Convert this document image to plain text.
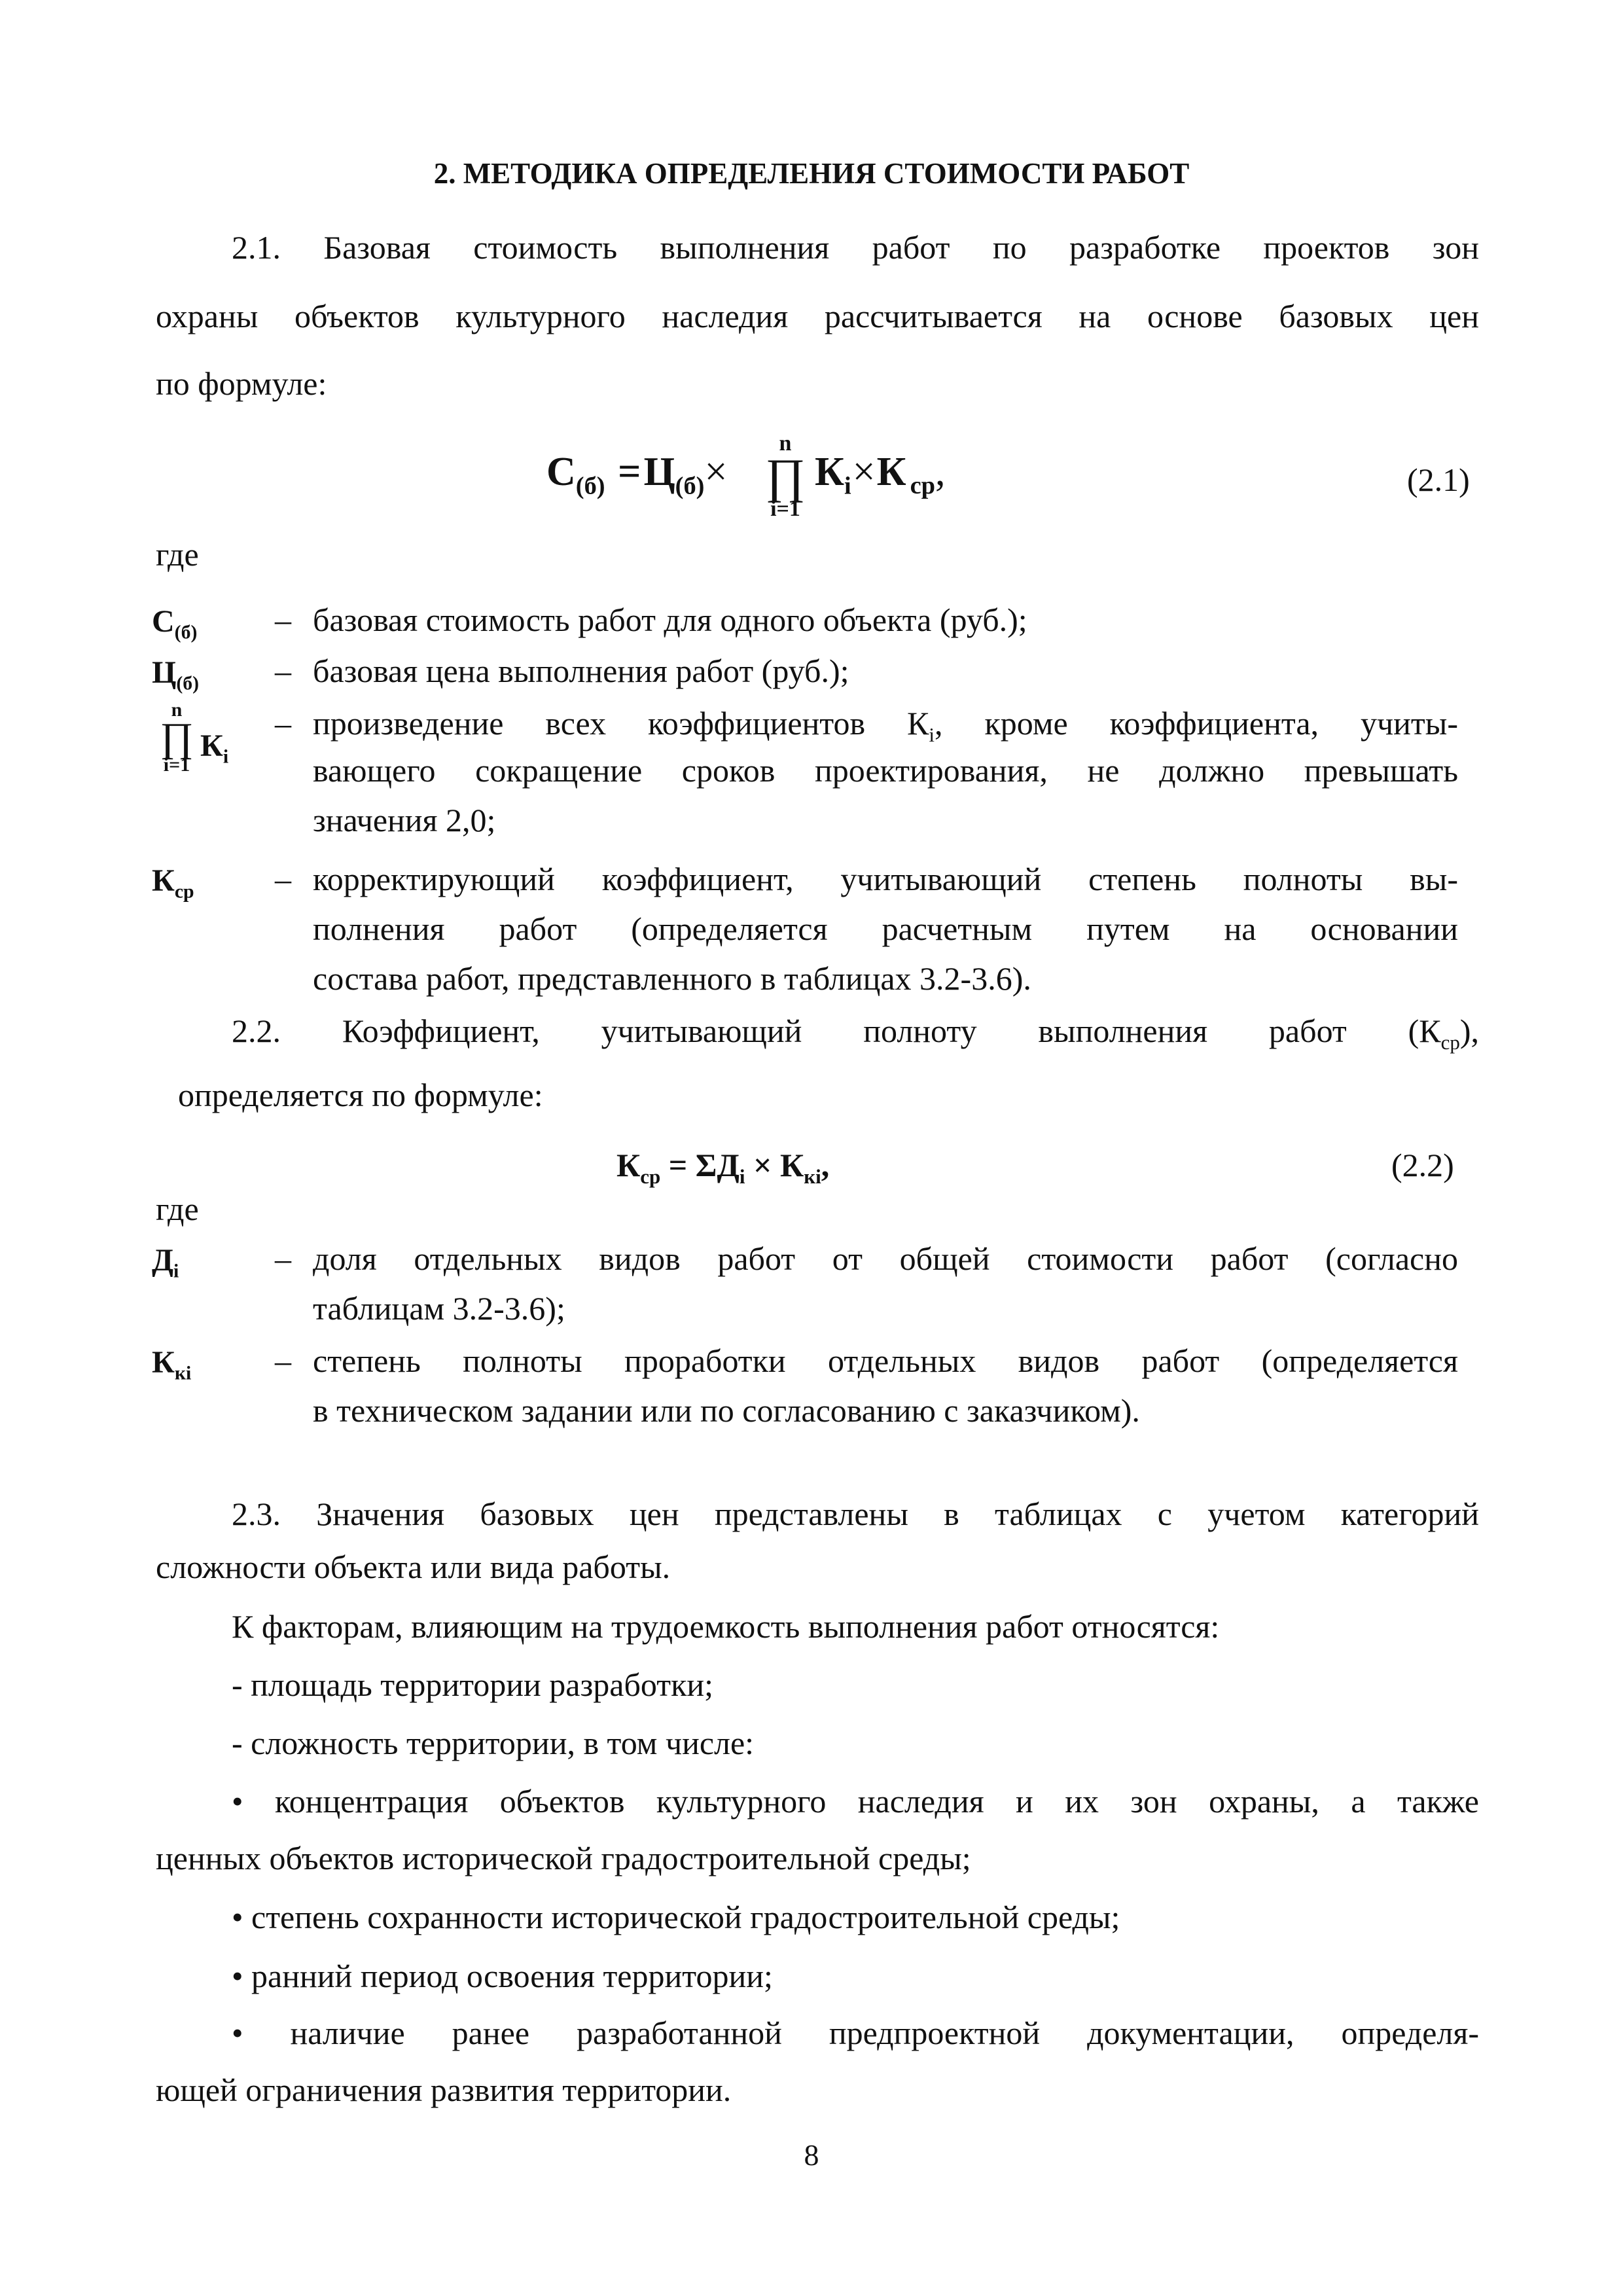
2. МЕТОДИКА ОПРЕДЕЛЕНИЯ СТОИМОСТИ РАБОТ
2.1. Базовая стоимость выполнения работ по разработке проектов зон
охраны объектов культурного наследия рассчитывается на основе базовых цен
по формуле:
$С_{(б)} =Ц_{(б)}\times$
n
∏
i=1
$К_i\times К$ $_{ср}$,	(2.1)
где
$С_{(б)}$ – базовая стоимость работ для одного объекта (руб.);
$Ц_{(б)}$ – базовая цена выполнения работ (руб.);
n
∏
i=1
$К_i$
– произведение всех коэффициентов $К_i$, кроме коэффициента, учиты-
вающего сокращение сроков проектирования, не должно превышать
значения 2,0;
$К_{ср}$ – корректирующий коэффициент, учитывающий степень полноты вы-
полнения работ (определяется расчетным путем на основании
состава работ, представленного в таблицах 3.2-3.6).
2.2. Коэффициент, учитывающий полноту выполнения работ $(К_{ср})$,
определяется по формуле:
$К_{ср} = \Sigma Д_i \times К_{кi}$,	(2.2)
где
$Д_i$	– доля отдельных видов работ от общей стоимости работ (согласно
таблицам 3.2-3.6);
$К_{кi}$	– степень полноты проработки отдельных видов работ (определяется
в техническом задании или по согласованию с заказчиком).
2.3. Значения базовых цен представлены в таблицах с учетом категорий
сложности объекта или вида работы.
К факторам, влияющим на трудоемкость выполнения работ относятся:
- площадь территории разработки;
- сложность территории, в том числе:
• концентрация объектов культурного наследия и их зон охраны, а также
ценных объектов исторической градостроительной среды;
• степень сохранности исторической градостроительной среды;
• ранний период освоения территории;
• наличие ранее разработанной предпроектной документации, определя-
ющей ограничения развития территории.
8
